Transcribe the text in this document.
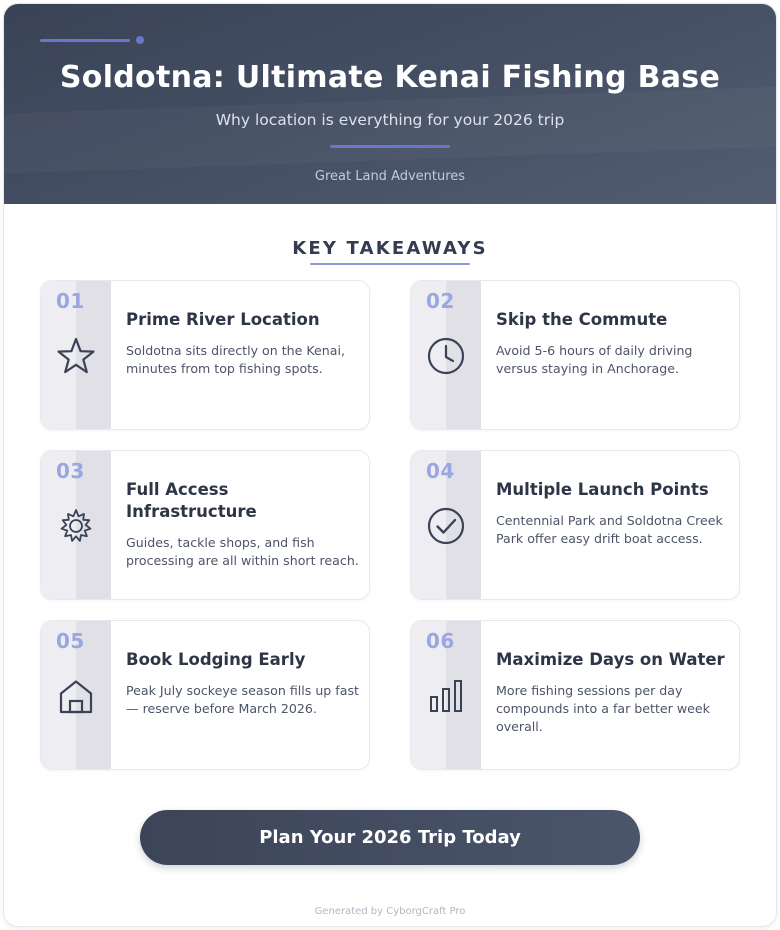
Soldotna: Ultimate Kenai Fishing Base
Why location is everything for your 2026 trip
Great Land Adventures
KEY TAKEAWAYS
01
Prime River Location
Soldotna sits directly on the Kenai, minutes from top fishing spots.
02
Skip the Commute
Avoid 5-6 hours of daily driving versus staying in Anchorage.
03
Full Access Infrastructure
Guides, tackle shops, and fish processing are all within short reach.
04
Multiple Launch Points
Centennial Park and Soldotna Creek Park offer easy drift boat access.
05
Book Lodging Early
Peak July sockeye season fills up fast — reserve before March 2026.
06
Maximize Days on Water
More fishing sessions per day compounds into a far better week overall.
Plan Your 2026 Trip Today
Generated by CyborgCraft Pro
